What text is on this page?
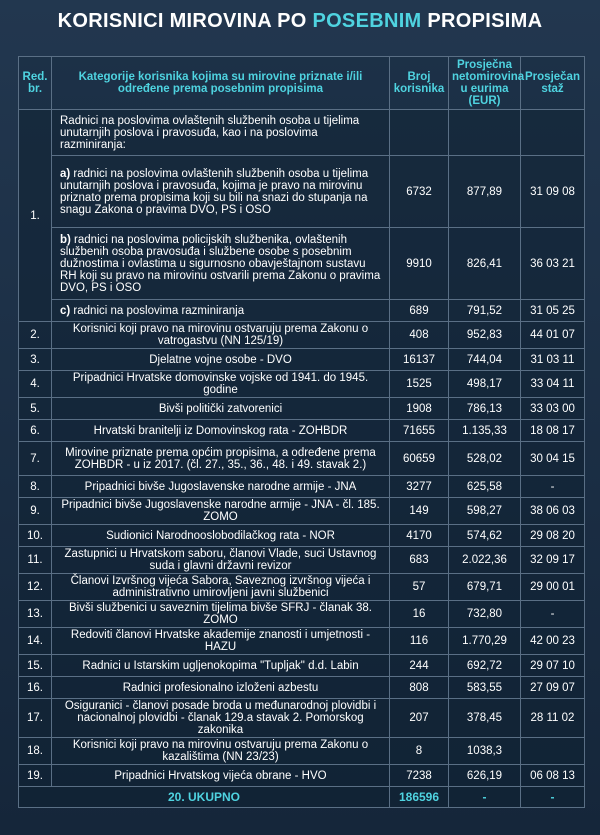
KORISNICI MIROVINA PO POSEBNIM PROPISIMA
Red. br.	Kategorije korisnika kojima su mirovine priznate i/ili određene prema posebnim propisima	Broj korisnika	Prosječna netomirovina u eurima (EUR)	Prosječan staž
1.	Radnici na poslovima ovlaštenih službenih osoba u tijelima unutarnjih poslova i pravosuđa, kao i na poslovima razminiranja:			
	a) radnici na poslovima ovlaštenih službenih osoba u tijelima unutarnjih poslova i pravosuđa, kojima je pravo na mirovinu priznato prema propisima koji su bili na snazi do stupanja na snagu Zakona o pravima DVO, PS i OSO	6732	877,89	31 09 08
	b) radnici na poslovima policijskih službenika, ovlaštenih službenih osoba pravosuđa i službene osobe s posebnim dužnostima i ovlastima u sigurnosno obavještajnom sustavu RH koji su pravo na mirovinu ostvarili prema Zakonu o pravima DVO, PS i OSO	9910	826,41	36 03 21
	c) radnici na poslovima razminiranja	689	791,52	31 05 25
2.	Korisnici koji pravo na mirovinu ostvaruju prema Zakonu o vatrogastvu (NN 125/19)	408	952,83	44 01 07
3.	Djelatne vojne osobe - DVO	16137	744,04	31 03 11
4.	Pripadnici Hrvatske domovinske vojske od 1941. do 1945. godine	1525	498,17	33 04 11
5.	Bivši politički zatvorenici	1908	786,13	33 03 00
6.	Hrvatski branitelji iz Domovinskog rata - ZOHBDR	71655	1.135,33	18 08 17
7.	Mirovine priznate prema općim propisima, a određene prema ZOHBDR - u iz 2017. (čl. 27., 35., 36., 48. i 49. stavak 2.)	60659	528,02	30 04 15
8.	Pripadnici bivše Jugoslavenske narodne armije - JNA	3277	625,58	-
9.	Pripadnici bivše Jugoslavenske narodne armije - JNA - čl. 185. ZOMO	149	598,27	38 06 03
10.	Sudionici Narodnooslobodilačkog rata - NOR	4170	574,62	29 08 20
11.	Zastupnici u Hrvatskom saboru, članovi Vlade, suci Ustavnog suda i glavni državni revizor	683	2.022,36	32 09 17
12.	Članovi Izvršnog vijeća Sabora, Saveznog izvršnog vijeća i administrativno umirovljeni javni službenici	57	679,71	29 00 01
13.	Bivši službenici u saveznim tijelima bivše SFRJ - članak 38. ZOMO	16	732,80	-
14.	Redoviti članovi Hrvatske akademije znanosti i umjetnosti - HAZU	116	1.770,29	42 00 23
15.	Radnici u Istarskim ugljenokopima "Tupljak" d.d. Labin	244	692,72	29 07 10
16.	Radnici profesionalno izloženi azbestu	808	583,55	27 09 07
17.	Osiguranici - članovi posade broda u međunarodnoj plovidbi i nacionalnoj plovidbi - članak 129.a stavak 2. Pomorskog zakonika	207	378,45	28 11 02
18.	Korisnici koji pravo na mirovinu ostvaruju prema Zakonu o kazalištima (NN 23/23)	8	1038,3	
19.	Pripadnici Hrvatskog vijeća obrane - HVO	7238	626,19	06 08 13
20. UKUPNO		186596	-	-
